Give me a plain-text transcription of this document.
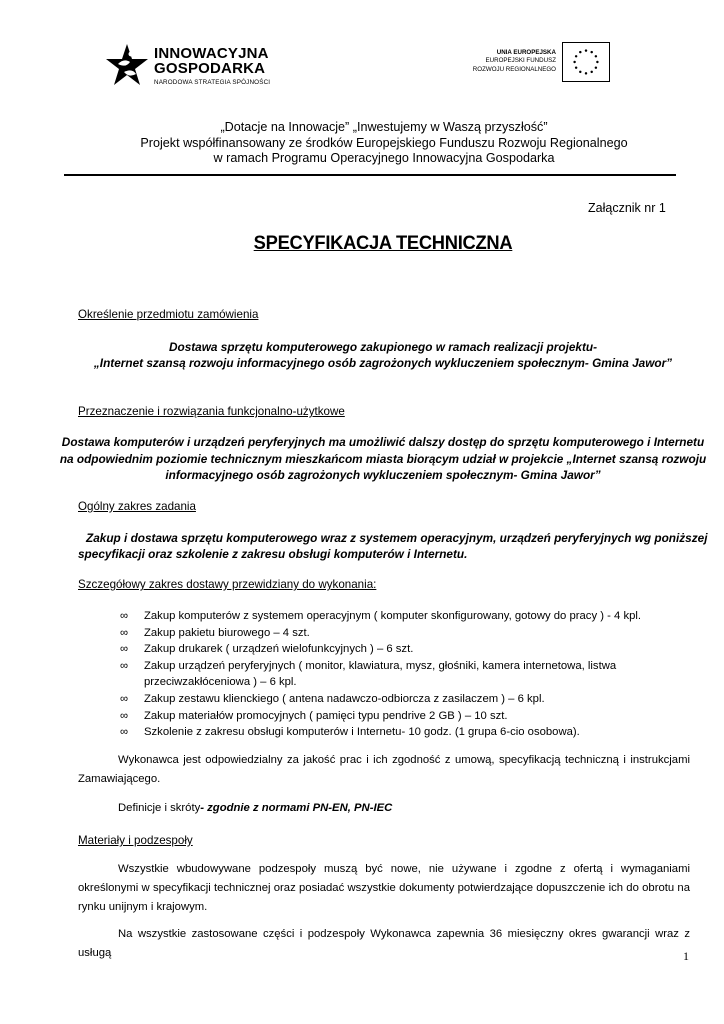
INNOWACYJNA
GOSPODARKA
NARODOWA STRATEGIA SPÓJNOŚCI
UNIA EUROPEJSKA
EUROPEJSKI FUNDUSZ
ROZWOJU REGIONALNEGO
„Dotacje na Innowacje” „Inwestujemy w Waszą przyszłość”
Projekt współfinansowany ze środków Europejskiego Funduszu Rozwoju Regionalnego
w ramach Programu Operacyjnego Innowacyjna Gospodarka
Załącznik nr 1
SPECYFIKACJA TECHNICZNA
Określenie przedmiotu zamówienia
Dostawa sprzętu komputerowego zakupionego w ramach realizacji projektu-
„Internet szansą rozwoju informacyjnego osób zagrożonych wykluczeniem społecznym- Gmina Jawor”
Przeznaczenie i rozwiązania funkcjonalno-użytkowe
Dostawa komputerów i urządzeń peryferyjnych ma umożliwić dalszy dostęp do sprzętu komputerowego i Internetu
na odpowiednim poziomie technicznym mieszkańcom miasta biorącym udział w projekcie „Internet szansą rozwoju
informacyjnego osób zagrożonych wykluczeniem społecznym- Gmina Jawor”
Ogólny zakres zadania
Zakup i dostawa sprzętu komputerowego wraz z systemem operacyjnym, urządzeń peryferyjnych wg poniższej
specyfikacji oraz szkolenie z zakresu obsługi komputerów i Internetu.
Szczegółowy zakres dostawy przewidziany do wykonania:
∞ Zakup komputerów z systemem operacyjnym ( komputer skonfigurowany, gotowy do pracy ) - 4 kpl.
∞ Zakup pakietu biurowego – 4 szt.
∞ Zakup drukarek ( urządzeń wielofunkcyjnych ) – 6 szt.
∞ Zakup urządzeń peryferyjnych ( monitor, klawiatura, mysz, głośniki, kamera internetowa, listwa
przeciwzakłóceniowa ) – 6 kpl.
∞ Zakup zestawu klienckiego ( antena nadawczo-odbiorcza z zasilaczem ) – 6 kpl.
∞ Zakup materiałów promocyjnych ( pamięci typu pendrive 2 GB ) – 10 szt.
∞ Szkolenie z zakresu obsługi komputerów i Internetu- 10 godz. (1 grupa 6-cio osobowa).
Wykonawca jest odpowiedzialny za jakość prac i ich zgodność z umową, specyfikacją techniczną i instrukcjami Zamawiającego.
Definicje i skróty- zgodnie z normami PN-EN, PN-IEC
Materiały i podzespoły
Wszystkie wbudowywane podzespoły muszą być nowe, nie używane i zgodne z ofertą i wymaganiami określonymi w specyfikacji technicznej oraz posiadać wszystkie dokumenty potwierdzające dopuszczenie ich do obrotu na rynku unijnym i krajowym.
Na wszystkie zastosowane części i podzespoły Wykonawca zapewnia 36 miesięczny okres gwarancji wraz z usługą	1
